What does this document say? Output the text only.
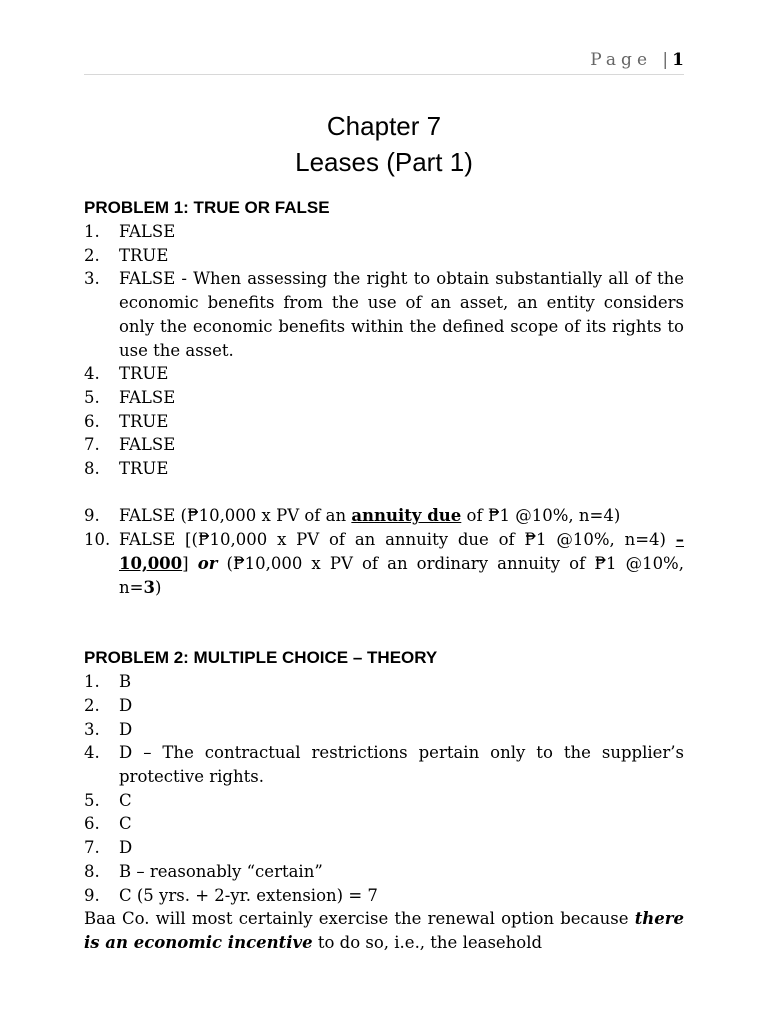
Page | 1
Chapter 7
Leases (Part 1)
PROBLEM 1: TRUE OR FALSE
1.	FALSE
2.	TRUE
3.	FALSE - When assessing the right to obtain substantially all of the economic benefits from the use of an asset, an entity considers only the economic benefits within the defined scope of its rights to use the asset.
4.	TRUE
5.	FALSE
6.	TRUE
7.	FALSE
8.	TRUE
9.	FALSE (₱10,000 x PV of an annuity due of ₱1 @10%, n=4)
10. FALSE [(₱10,000 x PV of an annuity due of ₱1 @10%, n=4) – 10,000] or (₱10,000 x PV of an ordinary annuity of ₱1 @10%, n=3)
PROBLEM 2: MULTIPLE CHOICE – THEORY
1.	B
2.	D
3.	D
4.	D – The contractual restrictions pertain only to the supplier’s protective rights.
5.	C
6.	C
7.	D
8.	B – reasonably “certain”
9.	C (5 yrs. + 2-yr. extension) = 7
Baa Co. will most certainly exercise the renewal option because there is an economic incentive to do so, i.e., the leasehold
